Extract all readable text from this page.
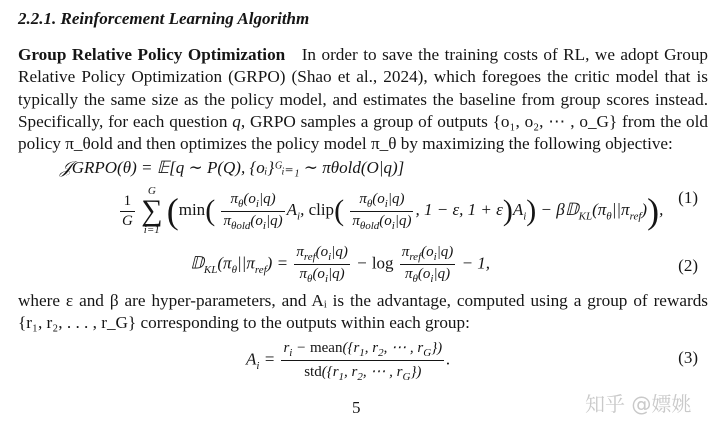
2.2.1. Reinforcement Learning Algorithm
Group Relative Policy Optimization In order to save the training costs of RL, we adopt Group Relative Policy Optimization (GRPO) (Shao et al., 2024), which foregoes the critic model that is typically the same size as the policy model, and estimates the baseline from group scores instead. Specifically, for each question q, GRPO samples a group of outputs {o₁, o₂, ⋯ , o_G} from the old policy π_θold and then optimizes the policy model π_θ by maximizing the following objective:
𝒥GRPO(θ) = 𝔼[q ∼ P(Q), {oᵢ}ᴳᵢ₌₁ ∼ πθold(O|q)]
$\frac{1}{G}$

G
∑
i=1 ($\min( \frac{\pi_\theta(o_i|q)}{\pi_{\theta old}(o_i|q)} A_i$, clip( $\frac{\pi_\theta(o_i|q)}{\pi_{\theta old}(o_i|q)}$ , 1 − ε, $1 + \varepsilon)A_i$) − $\beta 𝔻_{KL}(\pi_\theta||\pi_{ref})$),
(1)
$𝔻_{KL}(\pi_\theta||\pi_{ref}) = \frac{\pi_{ref}(o_i|q)}{\pi_\theta(o_i|q)} - \log \frac{\pi_{ref}(o_i|q)}{\pi_\theta(o_i|q)} - 1$,	(2)
where ε and β are hyper-parameters, and Aᵢ is the advantage, computed using a group of rewards {r₁, r₂, . . . , r_G} corresponding to the outputs within each group:
$A_i = \frac{r_i - mean(\{r_1, r_2, \cdots , r_G\})}{std(\{r_1, r_2, \cdots , r_G\})}$ .	(3)
5	知乎 @嫖姚
